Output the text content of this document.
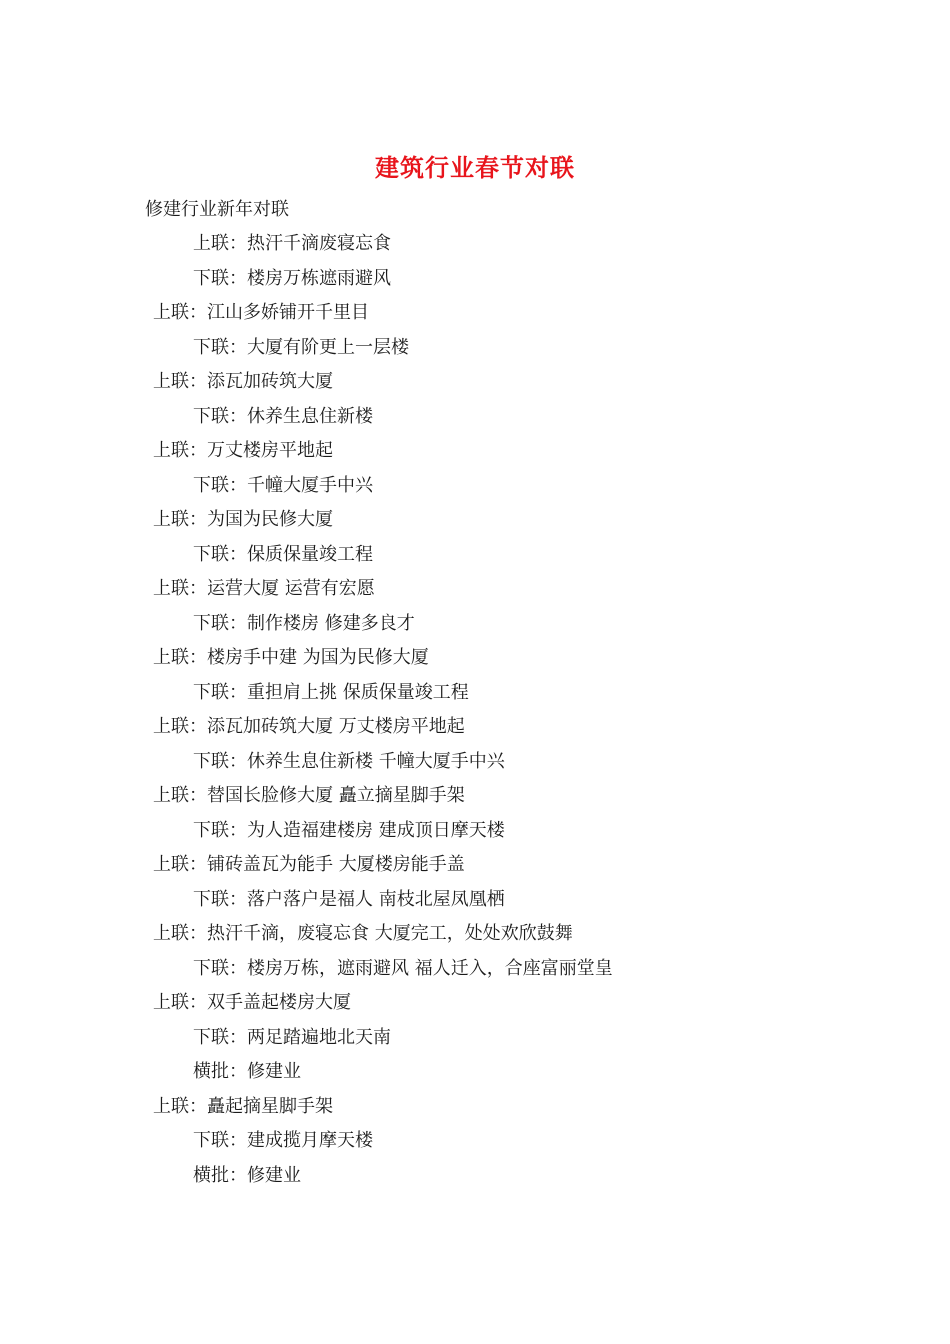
建筑行业春节对联
修建行业新年对联
上联：热汗千滴废寝忘食
下联：楼房万栋遮雨避风
上联：江山多娇铺开千里目
下联：大厦有阶更上一层楼
上联：添瓦加砖筑大厦
下联：休养生息住新楼
上联：万丈楼房平地起
下联：千幢大厦手中兴
上联：为国为民修大厦
下联：保质保量竣工程
上联：运营大厦 运营有宏愿
下联：制作楼房 修建多良才
上联：楼房手中建 为国为民修大厦
下联：重担肩上挑 保质保量竣工程
上联：添瓦加砖筑大厦 万丈楼房平地起
下联：休养生息住新楼 千幢大厦手中兴
上联：替国长脸修大厦 矗立摘星脚手架
下联：为人造福建楼房 建成顶日摩天楼
上联：铺砖盖瓦为能手 大厦楼房能手盖
下联：落户落户是福人 南枝北屋凤凰栖
上联：热汗千滴，废寝忘食 大厦完工，处处欢欣鼓舞
下联：楼房万栋，遮雨避风 福人迁入，合座富丽堂皇
上联：双手盖起楼房大厦
下联：两足踏遍地北天南
横批：修建业
上联：矗起摘星脚手架
下联：建成揽月摩天楼
横批：修建业
